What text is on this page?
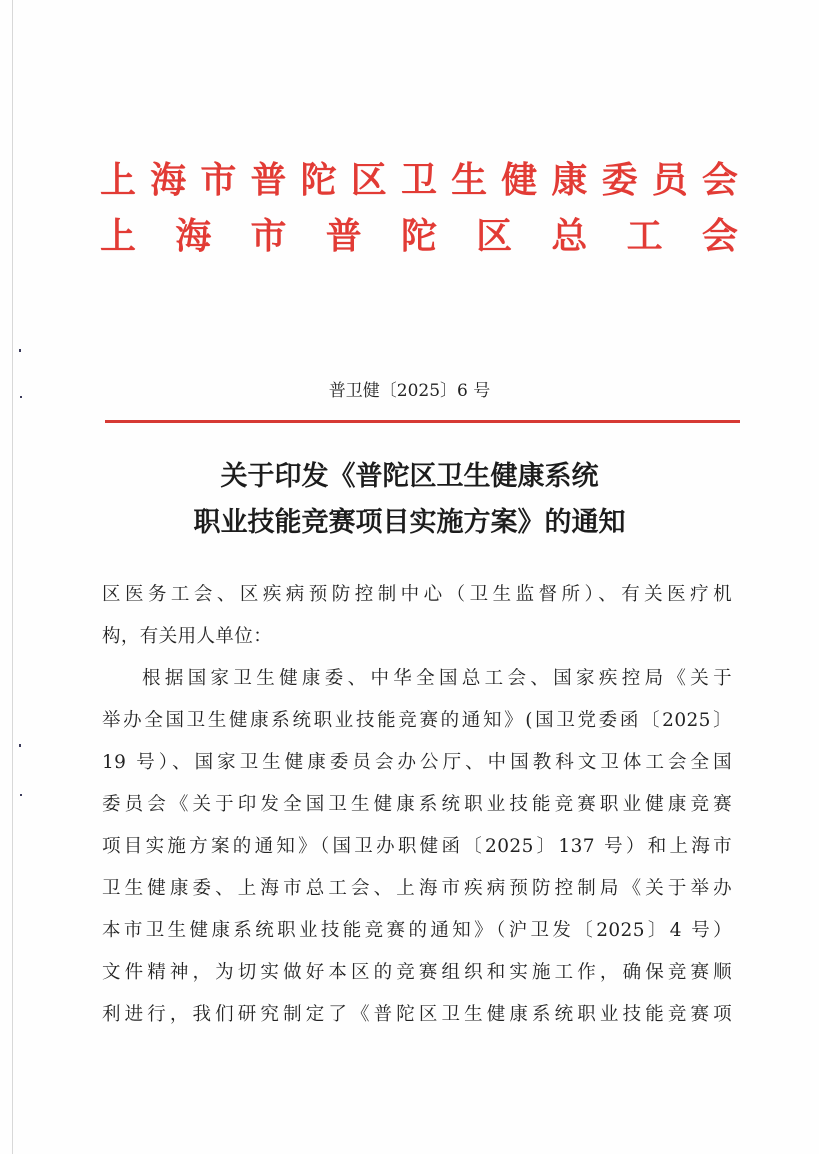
上 海 市 普 陀 区 卫 生 健 康 委 员 会
上 海 市 普 陀 区 总 工 会
普卫健〔2025〕6 号
关于印发《普陀区卫生健康系统
职业技能竞赛项目实施方案》的通知
区医务工会、区疾病预防控制中心（卫生监督所）、有关医疗机
构，有关用人单位：
根据国家卫生健康委、中华全国总工会、国家疾控局《关于
举办全国卫生健康系统职业技能竞赛的通知》(国卫党委函〔2025〕
19 号）、国家卫生健康委员会办公厅、中国教科文卫体工会全国
委员会《关于印发全国卫生健康系统职业技能竞赛职业健康竞赛
项目实施方案的通知》（国卫办职健函〔2025〕137 号）和上海市
卫生健康委、上海市总工会、上海市疾病预防控制局《关于举办
本市卫生健康系统职业技能竞赛的通知》（沪卫发〔2025〕4 号）
文件精神，为切实做好本区的竞赛组织和实施工作，确保竞赛顺
利进行，我们研究制定了《普陀区卫生健康系统职业技能竞赛项
